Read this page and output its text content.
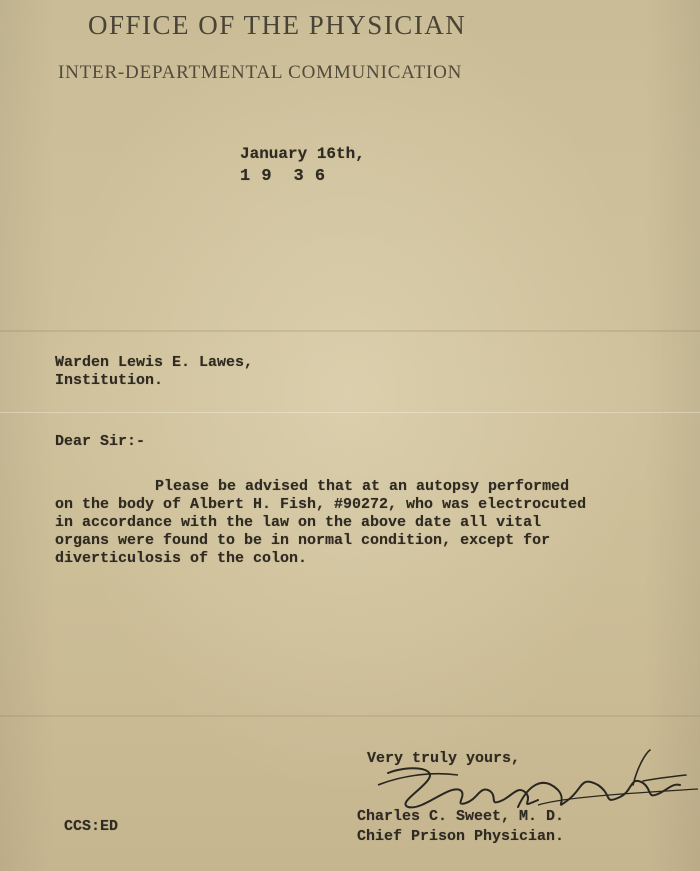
OFFICE OF THE PHYSICIAN
INTER-DEPARTMENTAL COMMUNICATION
January 16th,
1 9  3 6
Warden Lewis E. Lawes,
Institution.
Dear Sir:-
Please be advised that at an autopsy performed
on the body of Albert H. Fish, #90272, who was electrocuted
in accordance with the law on the above date all vital
organs were found to be in normal condition, except for
diverticulosis of the colon.
Very truly yours,
Charles C. Sweet, M. D.
Chief Prison Physician.
CCS:ED
